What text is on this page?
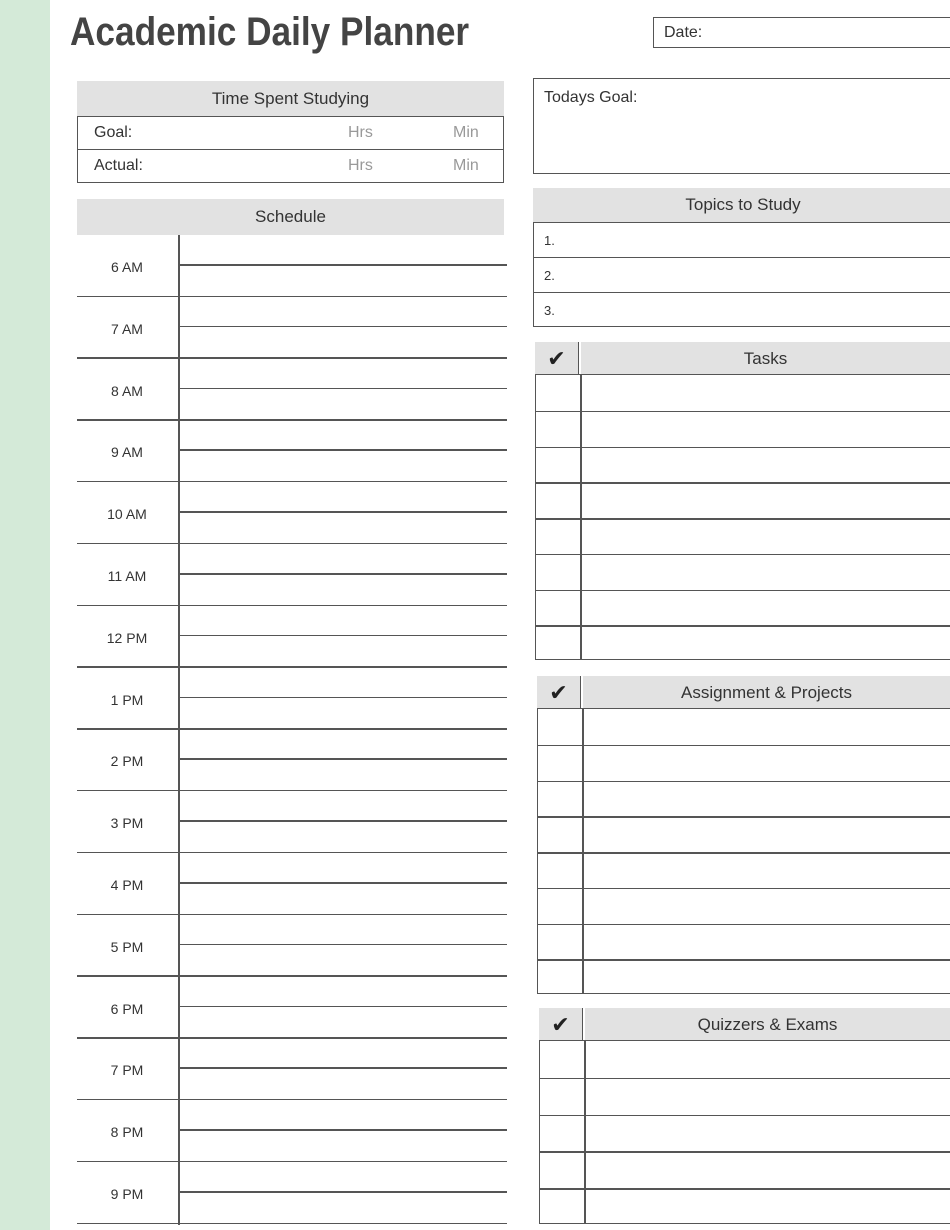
Academic Daily Planner	Date:
Time Spent Studying
Goal:	Hrs	Min
Actual:	Hrs	Min
Schedule
6 AM
7 AM
8 AM
9 AM
10 AM
11 AM
12 PM
1 PM
2 PM
3 PM
4 PM
5 PM
6 PM
7 PM
8 PM
9 PM
Todays Goal:
Topics to Study
1.
2.
3.
✔	Tasks
✔	Assignment & Projects
✔	Quizzers & Exams
